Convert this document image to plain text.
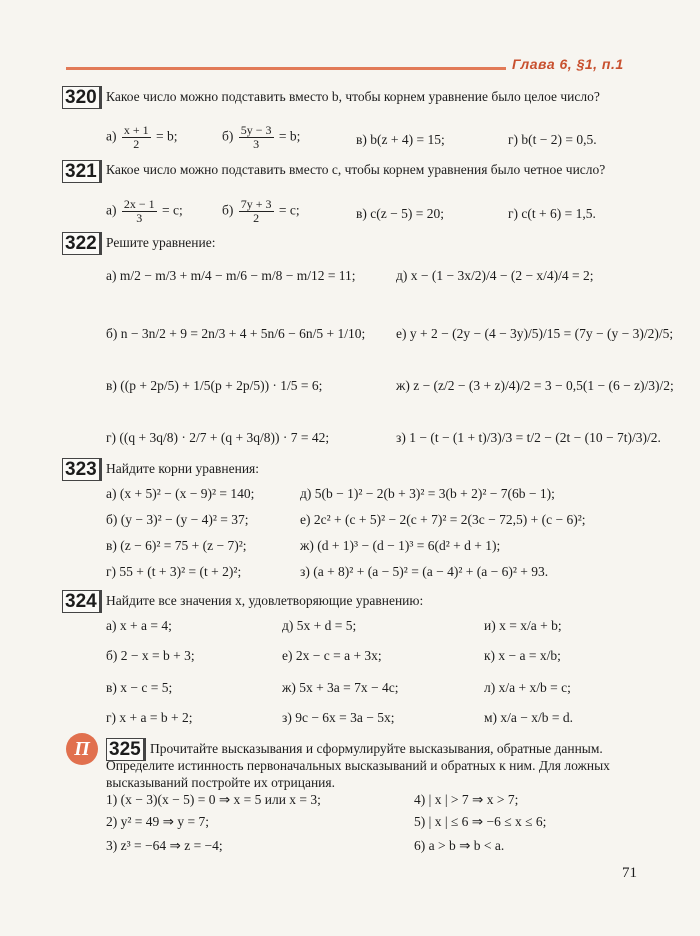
Глава 6, §1, п.1
320 Какое число можно подставить вместо b, чтобы корнем уравнение было целое число?
$а) \frac{x + 1}{2} = b$;	$б) \frac{5y - 3}{3} = b$;	в) b(z + 4) = 15;	г) b(t − 2) = 0,5.
321 Какое число можно подставить вместо c, чтобы корнем уравнения было четное число?
$а) \frac{2x - 1}{3} = c$;	$б) \frac{7y + 3}{2} = c$;	в) c(z − 5) = 20;	г) c(t + 6) = 1,5.
322 Решите уравнение:
а) m/2 − m/3 + m/4 − m/6 − m/8 − m/12 = 11;
б) n − 3n/2 + 9 = 2n/3 + 4 + 5n/6 − 6n/5 + 1/10;
в) ((p + 2p/5) + 1/5(p + 2p/5)) · 1/5 = 6;
г) ((q + 3q/8) · 2/7 + (q + 3q/8)) · 7 = 42;
д) x − (1 − 3x/2)/4 − (2 − x/4)/4 = 2;
е) y + 2 − (2y − (4 − 3y)/5)/15 = (7y − (y − 3)/2)/5;
ж) z − (z/2 − (3 + z)/4)/2 = 3 − 0,5(1 − (6 − z)/3)/2;
з) 1 − (t − (1 + t)/3)/3 = t/2 − (2t − (10 − 7t)/3)/2.
323 Найдите корни уравнения:
а) (x + 5)² − (x − 9)² = 140;
б) (y − 3)² − (y − 4)² = 37;
в) (z − 6)² = 75 + (z − 7)²;
г) 55 + (t + 3)² = (t + 2)²;
д) 5(b − 1)² − 2(b + 3)² = 3(b + 2)² − 7(6b − 1);
е) 2c² + (c + 5)² − 2(c + 7)² = 2(3c − 72,5) + (c − 6)²;
ж) (d + 1)³ − (d − 1)³ = 6(d² + d + 1);
з) (a + 8)² + (a − 5)² = (a − 4)² + (a − 6)² + 93.
324 Найдите все значения x, удовлетворяющие уравнению:
а) x + a = 4;
б) 2 − x = b + 3;
в) x − c = 5;
г) x + a = b + 2;
д) 5x + d = 5;
е) 2x − c = a + 3x;
ж) 5x + 3a = 7x − 4c;
з) 9c − 6x = 3a − 5x;
и) x = x/a + b;
к) x − a = x/b;
л) x/a + x/b = c;
м) x/a − x/b = d.
П	325 Прочитайте высказывания и сформулируйте высказывания, обратные данным. Определите истинность первоначальных высказываний и обратных к ним. Для ложных высказываний постройте их отрицания.
1) (x − 3)(x − 5) = 0 ⇒ x = 5 или x = 3;
2) y² = 49 ⇒ y = 7;
3) z³ = −64 ⇒ z = −4;
4) | x | > 7 ⇒ x > 7;
5) | x | ≤ 6 ⇒ −6 ≤ x ≤ 6;
6) a > b ⇒ b < a.
71
